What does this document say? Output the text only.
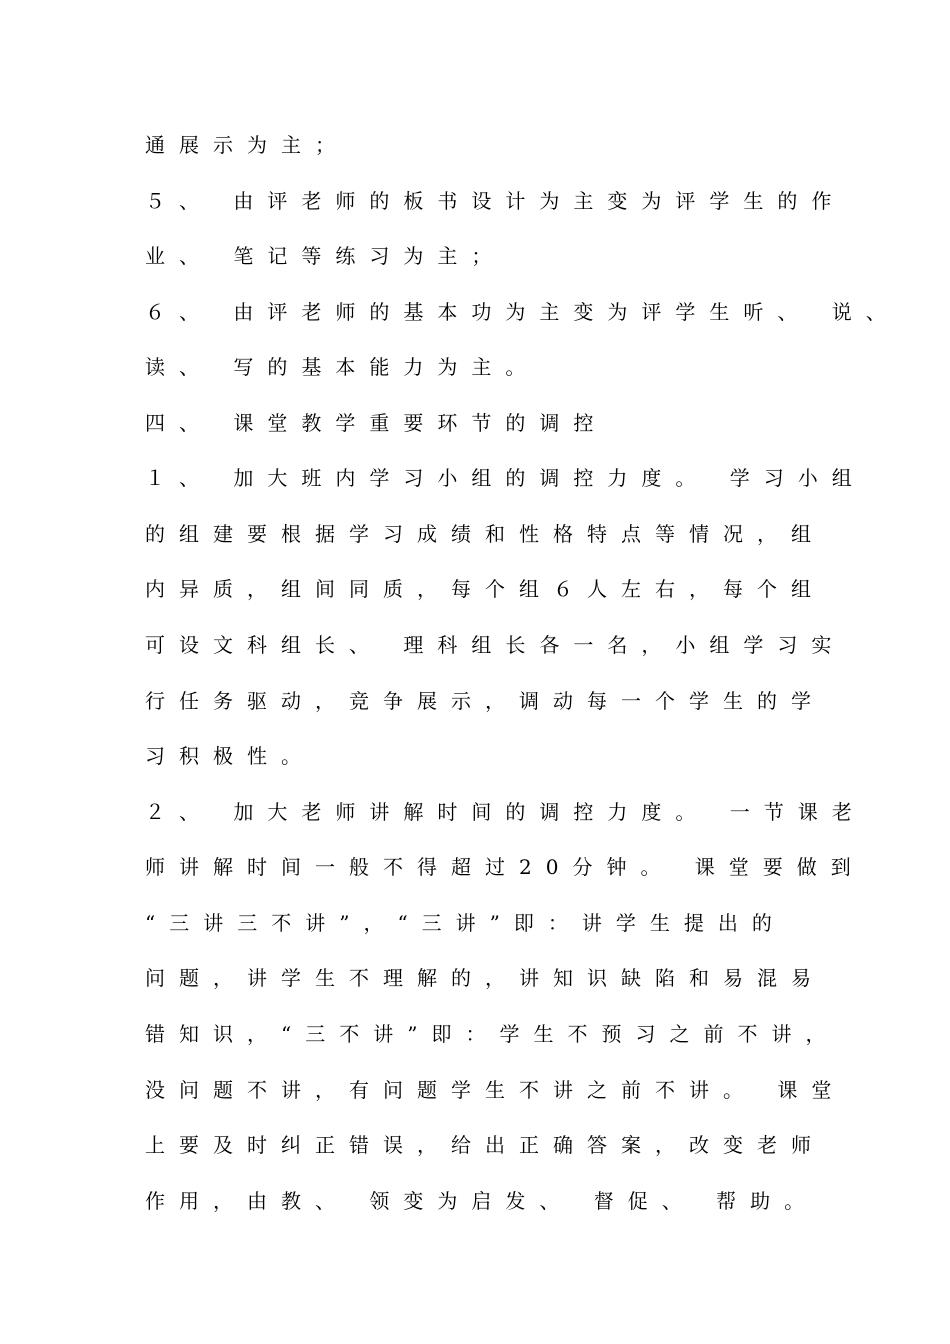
通展示为主；
５、 由评老师的板书设计为主变为评学生的作
业、 笔记等练习为主；
６、 由评老师的基本功为主变为评学生听、 说、
读、 写的基本能力为主。
四、 课堂教学重要环节的调控
１、 加大班内学习小组的调控力度。 学习小组
的组建要根据学习成绩和性格特点等情况，组
内异质，组间同质，每个组６人左右，每个组
可设文科组长、 理科组长各一名，小组学习实
行任务驱动，竞争展示，调动每一个学生的学
习积极性。
２、 加大老师讲解时间的调控力度。 一节课老
师讲解时间一般不得超过20分钟。 课堂要做到
“三讲三不讲”，“三讲”即：讲学生提出的
问题，讲学生不理解的，讲知识缺陷和易混易
错知识，“三不讲”即：学生不预习之前不讲，
没问题不讲，有问题学生不讲之前不讲。 课堂
上要及时纠正错误，给出正确答案，改变老师
作用，由教、 领变为启发、 督促、 帮助。
